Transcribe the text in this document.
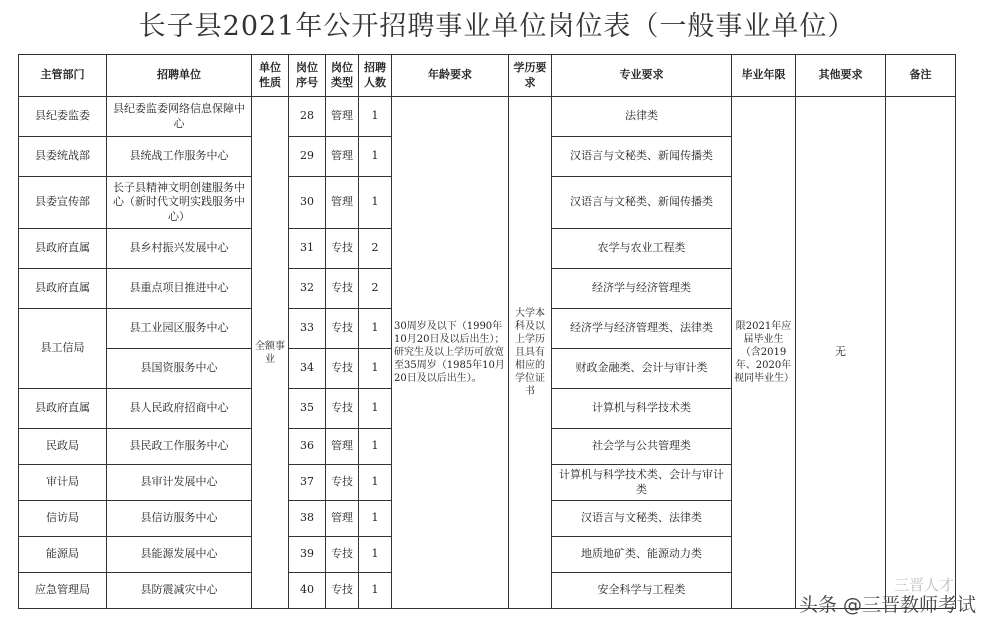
长子县2021年公开招聘事业单位岗位表（一般事业单位）
主管部门	招聘单位	单位性质	岗位序号	岗位类型	招聘人数	年龄要求	学历要求	专业要求	毕业年限	其他要求	备注
县纪委监委	县纪委监委网络信息保障中心	全额事业	28	管理	1	30周岁及以下（1990年10月20日及以后出生）；研究生及以上学历可放宽至35周岁（1985年10月20日及以后出生）。	大学本科及以上学历且具有相应的学位证书	法律类	限2021年应届毕业生（含2019年、2020年视同毕业生）	无	
县委统战部	县统战工作服务中心		29	管理	1			汉语言与文秘类、新闻传播类			
县委宣传部	长子县精神文明创建服务中心（新时代文明实践服务中心）		30	管理	1			汉语言与文秘类、新闻传播类			
县政府直属	县乡村振兴发展中心		31	专技	2			农学与农业工程类			
县政府直属	县重点项目推进中心		32	专技	2			经济学与经济管理类			
县工信局	县工业园区服务中心		33	专技	1			经济学与经济管理类、法律类			
	县国资服务中心		34	专技	1			财政金融类、会计与审计类			
县政府直属	县人民政府招商中心		35	专技	1			计算机与科学技术类			
民政局	县民政工作服务中心		36	管理	1			社会学与公共管理类			
审计局	县审计发展中心		37	专技	1			计算机与科学技术类、会计与审计类			
信访局	县信访服务中心		38	管理	1			汉语言与文秘类、法律类			
能源局	县能源发展中心		39	专技	1			地质地矿类、能源动力类			
应急管理局	县防震减灾中心		40	专技	1			安全科学与工程类				三晋人才
头条 @三晋教师考试
